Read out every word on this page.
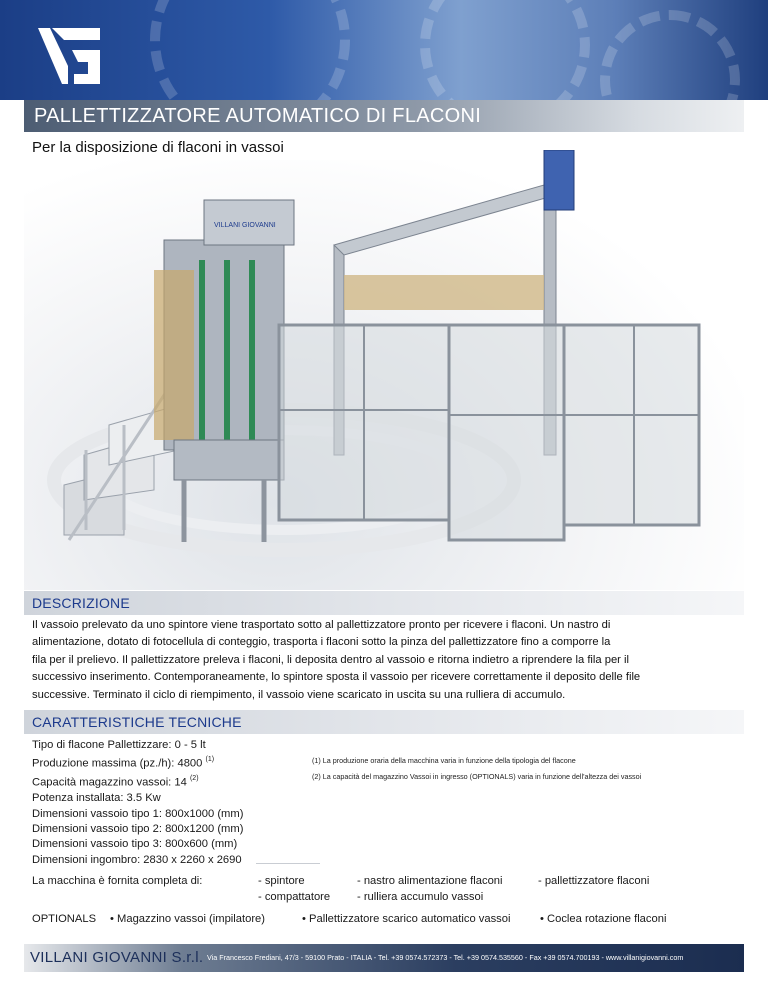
PALLETTIZZATORE AUTOMATICO DI FLACONI
Per la disposizione di flaconi in vassoi
VILLANI GIOVANNI
DESCRIZIONE
Il vassoio prelevato da uno spintore viene trasportato sotto al pallettizzatore pronto per ricevere i flaconi. Un nastro di
alimentazione, dotato di fotocellula di conteggio, trasporta i flaconi sotto la pinza del pallettizzatore fino a comporre la
fila per il prelievo. Il pallettizzatore preleva i flaconi, li deposita dentro al vassoio e ritorna indietro a riprendere la fila per il
successivo inserimento. Contemporaneamente, lo spintore sposta il vassoio per ricevere correttamente il deposito delle file
successive. Terminato il ciclo di riempimento, il vassoio viene scaricato in uscita su una rulliera di accumulo.
CARATTERISTICHE TECNICHE
Tipo di flacone Pallettizzare: 0 - 5 lt
Produzione massima (pz./h): 4800 $^{(1)}$
Capacità magazzino vassoi: 14 $^{(2)}$
Potenza installata: 3.5 Kw
Dimensioni vassoio tipo 1: 800x1000 (mm)
Dimensioni vassoio tipo 2: 800x1200 (mm)
Dimensioni vassoio tipo 3: 800x600 (mm)
Dimensioni ingombro: 2830 x 2260 x 2690
(1) La produzione oraria della macchina varia in funzione della tipologia del flacone
(2) La capacità del magazzino Vassoi in ingresso (OPTIONALS) varia in funzione dell'altezza dei vassoi
La macchina è fornita completa di:	- spintore
- compattatore
- nastro alimentazione flaconi
- rulliera accumulo vassoi
- pallettizzatore flaconi
OPTIONALS • Magazzino vassoi (impilatore)	• Pallettizzatore scarico automatico vassoi	• Coclea rotazione flaconi
VILLANI GIOVANNI S.r.l. Via Francesco Frediani, 47/3 - 59100 Prato - ITALIA - Tel. +39 0574.572373 - Tel. +39 0574.535560 - Fax +39 0574.700193 - www.villanigiovanni.com
